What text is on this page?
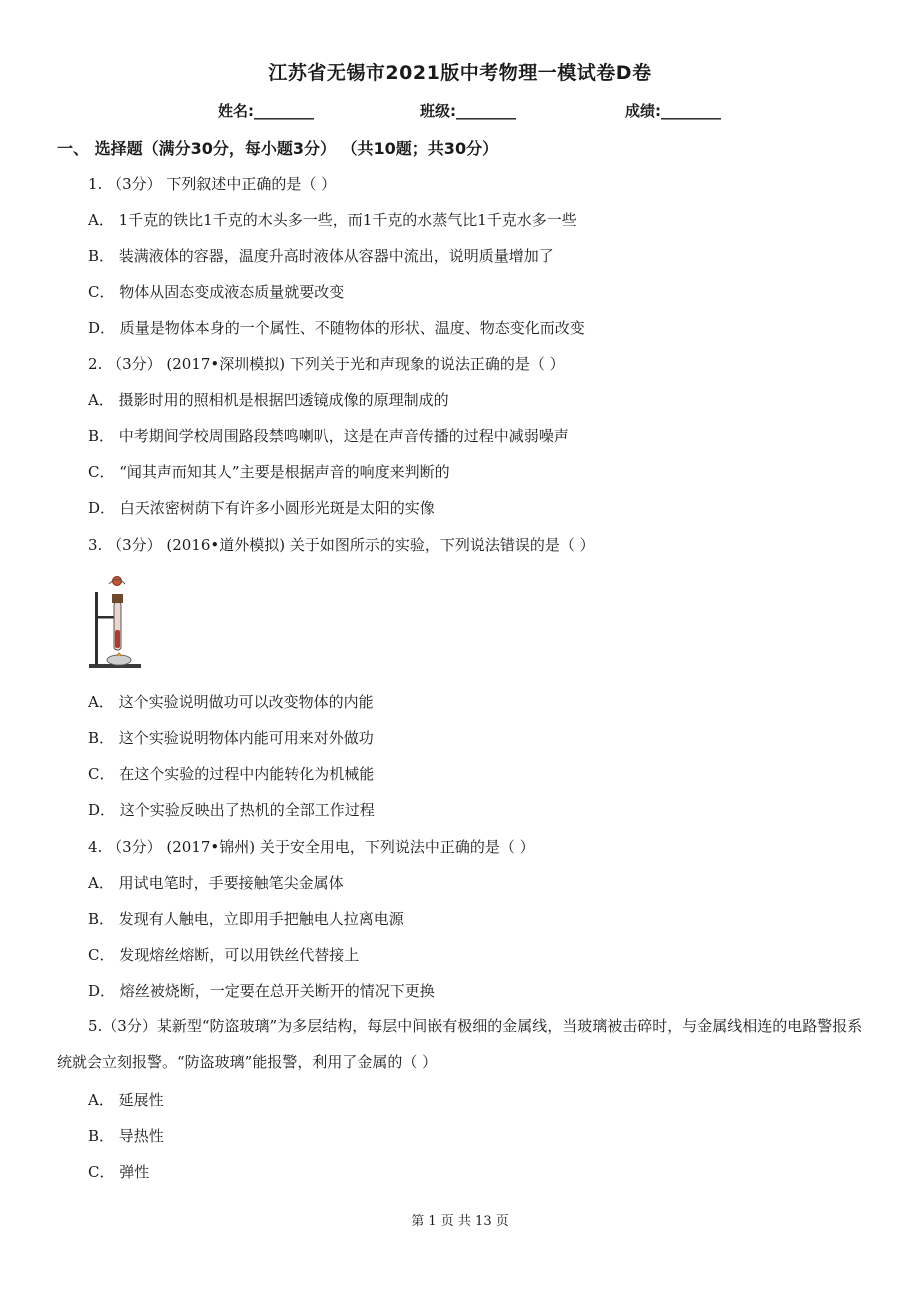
江苏省无锡市2021版中考物理一模试卷D卷
姓名:________	班级:________	成绩:________
一、 选择题（满分30分，每小题3分） （共10题；共30分）
1. （3分） 下列叙述中正确的是（ ）
A． 1千克的铁比1千克的木头多一些，而1千克的水蒸气比1千克水多一些
B． 装满液体的容器，温度升高时液体从容器中流出，说明质量增加了
C． 物体从固态变成液态质量就要改变
D． 质量是物体本身的一个属性、不随物体的形状、温度、物态变化而改变
2. （3分） (2017•深圳模拟) 下列关于光和声现象的说法正确的是（ ）
A． 摄影时用的照相机是根据凹透镜成像的原理制成的
B． 中考期间学校周围路段禁鸣喇叭，这是在声音传播的过程中减弱噪声
C． “闻其声而知其人”主要是根据声音的响度来判断的
D． 白天浓密树荫下有许多小圆形光斑是太阳的实像
3. （3分） (2016•道外模拟) 关于如图所示的实验，下列说法错误的是（ ）
A． 这个实验说明做功可以改变物体的内能
B． 这个实验说明物体内能可用来对外做功
C． 在这个实验的过程中内能转化为机械能
D． 这个实验反映出了热机的全部工作过程
4. （3分） (2017•锦州) 关于安全用电，下列说法中正确的是（ ）
A． 用试电笔时，手要接触笔尖金属体
B． 发现有人触电，立即用手把触电人拉离电源
C． 发现熔丝熔断，可以用铁丝代替接上
D． 熔丝被烧断，一定要在总开关断开的情况下更换
5.（3分）某新型“防盗玻璃”为多层结构，每层中间嵌有极细的金属线，当玻璃被击碎时，与金属线相连的电路警报系统就会立刻报警。“防盗玻璃”能报警，利用了金属的（ ）
A． 延展性
B． 导热性
C． 弹性
第 1 页 共 13 页
